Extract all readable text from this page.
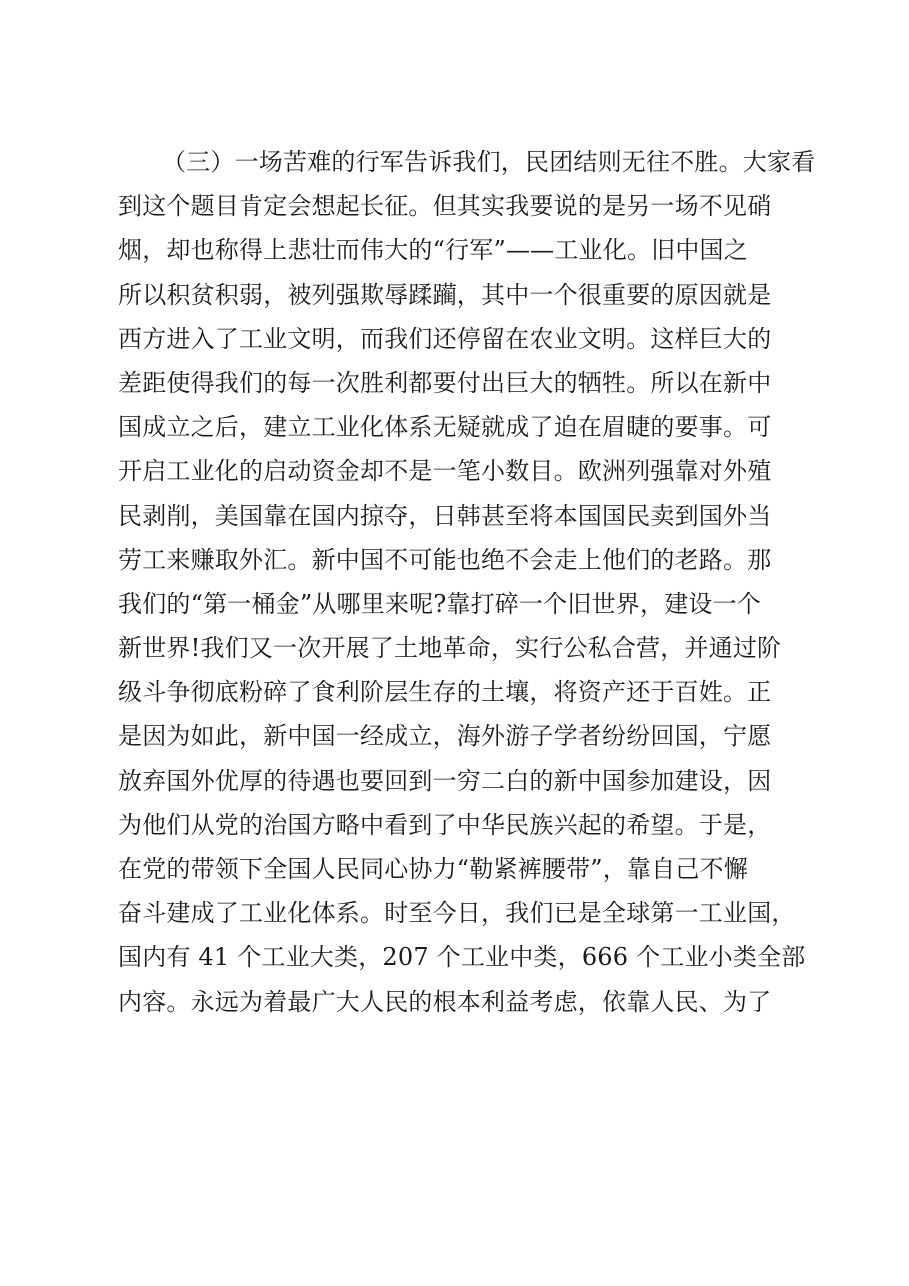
（三）一场苦难的行军告诉我们，民团结则无往不胜。大家看
到这个题目肯定会想起长征。但其实我要说的是另一场不见硝
烟，却也称得上悲壮而伟大的“行军”——工业化。旧中国之
所以积贫积弱，被列强欺辱蹂躏，其中一个很重要的原因就是
西方进入了工业文明，而我们还停留在农业文明。这样巨大的
差距使得我们的每一次胜利都要付出巨大的牺牲。所以在新中
国成立之后，建立工业化体系无疑就成了迫在眉睫的要事。可
开启工业化的启动资金却不是一笔小数目。欧洲列强靠对外殖
民剥削，美国靠在国内掠夺，日韩甚至将本国国民卖到国外当
劳工来赚取外汇。新中国不可能也绝不会走上他们的老路。那
我们的“第一桶金”从哪里来呢?靠打碎一个旧世界，建设一个
新世界!我们又一次开展了土地革命，实行公私合营，并通过阶
级斗争彻底粉碎了食利阶层生存的土壤，将资产还于百姓。正
是因为如此，新中国一经成立，海外游子学者纷纷回国，宁愿
放弃国外优厚的待遇也要回到一穷二白的新中国参加建设，因
为他们从党的治国方略中看到了中华民族兴起的希望。于是，
在党的带领下全国人民同心协力“勒紧裤腰带”，靠自己不懈
奋斗建成了工业化体系。时至今日，我们已是全球第一工业国，
国内有 41 个工业大类，207 个工业中类，666 个工业小类全部
内容。永远为着最广大人民的根本利益考虑，依靠人民、为了
